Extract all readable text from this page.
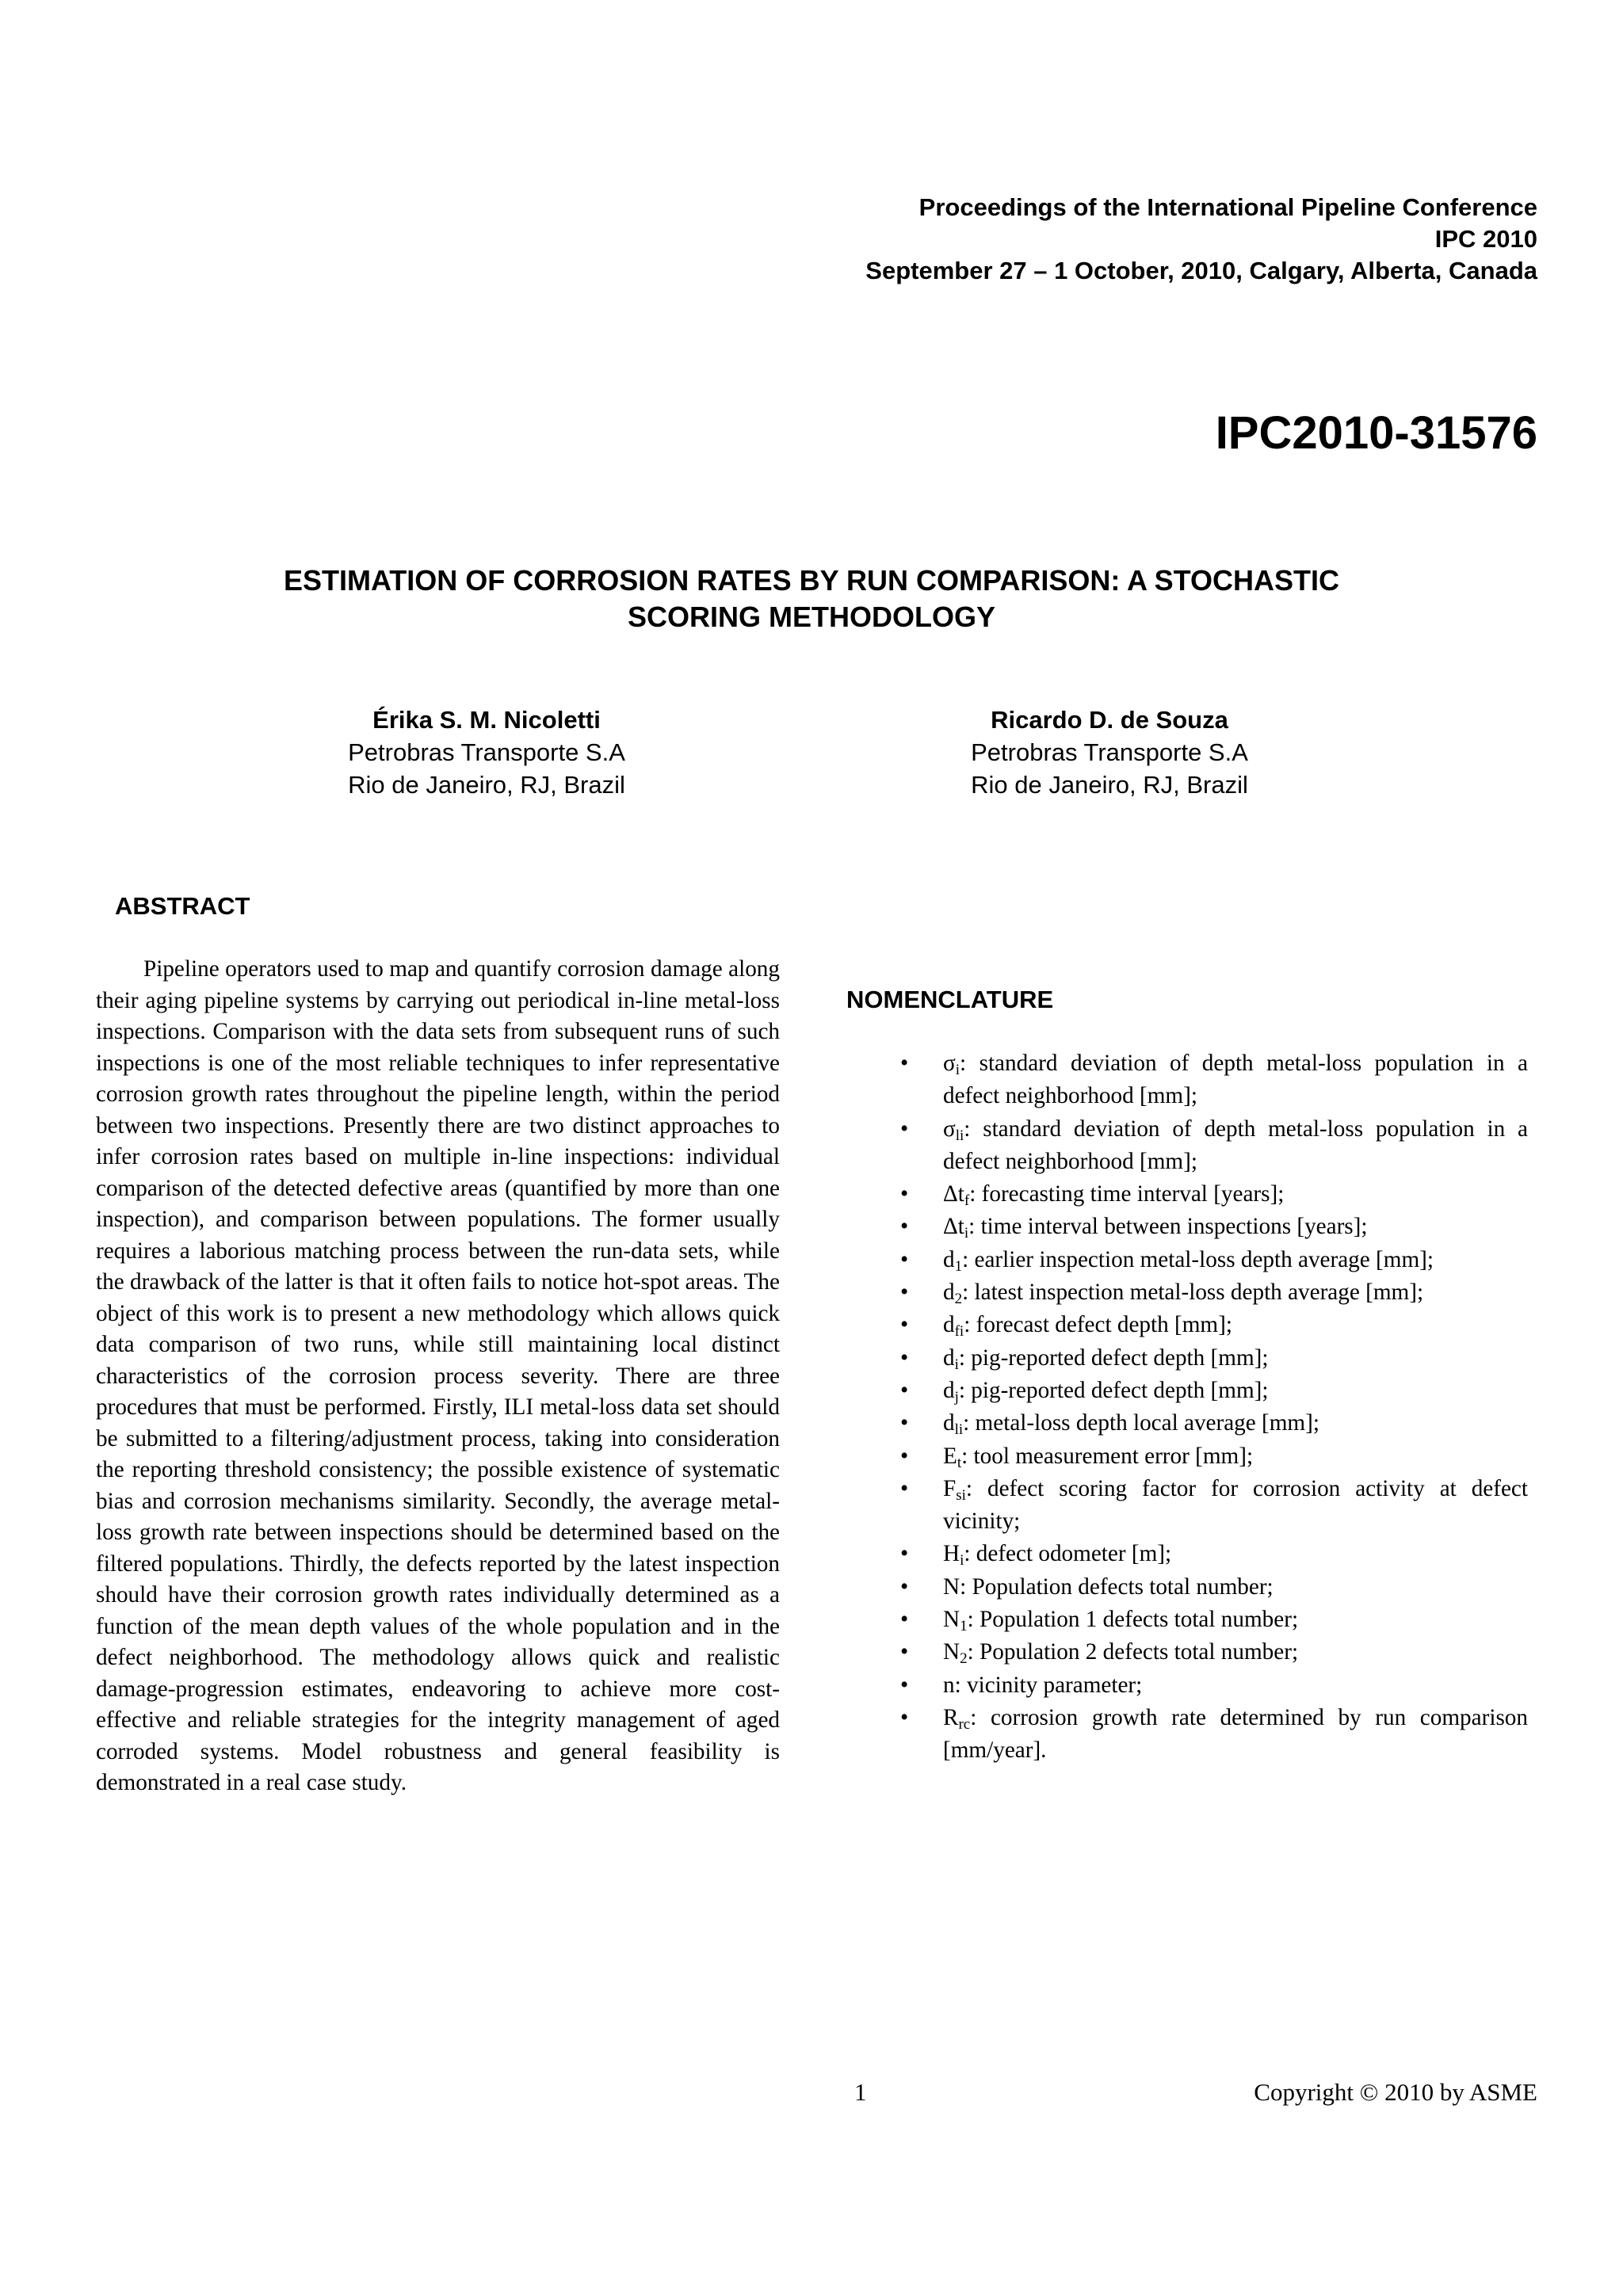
Proceedings of the International Pipeline Conference
IPC 2010
September 27 – 1 October, 2010, Calgary, Alberta, Canada
IPC2010-31576
ESTIMATION OF CORROSION RATES BY RUN COMPARISON: A STOCHASTIC
SCORING METHODOLOGY
Érika S. M. Nicoletti
Petrobras Transporte S.A
Rio de Janeiro, RJ, Brazil
Ricardo D. de Souza
Petrobras Transporte S.A
Rio de Janeiro, RJ, Brazil
ABSTRACT

Pipeline operators used to map and quantify corrosion damage along their aging pipeline systems by carrying out periodical in-line metal-loss inspections. Comparison with the data sets from subsequent runs of such inspections is one of the most reliable techniques to infer representative corrosion growth rates throughout the pipeline length, within the period between two inspections. Presently there are two distinct approaches to infer corrosion rates based on multiple in-line inspections: individual comparison of the detected defective areas (quantified by more than one inspection), and comparison between populations. The former usually requires a laborious matching process between the run-data sets, while the drawback of the latter is that it often fails to notice hot-spot areas. The object of this work is to present a new methodology which allows quick data comparison of two runs, while still maintaining local distinct characteristics of the corrosion process severity. There are three procedures that must be performed. Firstly, ILI metal-loss data set should be submitted to a filtering/adjustment process, taking into consideration the reporting threshold consistency; the possible existence of systematic bias and corrosion mechanisms similarity. Secondly, the average metal-loss growth rate between inspections should be determined based on the filtered populations. Thirdly, the defects reported by the latest inspection should have their corrosion growth rates individually determined as a function of the mean depth values of the whole population and in the defect neighborhood. The methodology allows quick and realistic damage-progression estimates, endeavoring to achieve more cost-effective and reliable strategies for the integrity management of aged corroded systems. Model robustness and general feasibility is demonstrated in a real case study.

NOMENCLATURE
• $\sigma_i$: standard deviation of depth metal-loss population in a defect neighborhood [mm];
• $\sigma_{li}$: standard deviation of depth metal-loss population in a defect neighborhood [mm];
• $\Delta t_f$: forecasting time interval [years];
• $\Delta t_i$: time interval between inspections [years];
• $d_1$: earlier inspection metal-loss depth average [mm];
• $d_2$: latest inspection metal-loss depth average [mm];
• $d_{fi}$: forecast defect depth [mm];
• $d_i$: pig-reported defect depth [mm];
• $d_j$: pig-reported defect depth [mm];
• $d_{li}$: metal-loss depth local average [mm];
• $E_t$: tool measurement error [mm];
• $F_{si}$: defect scoring factor for corrosion activity at defect vicinity;
• $H_i$: defect odometer [m];
• N: Population defects total number;
• $N_1$: Population 1 defects total number;
• $N_2$: Population 2 defects total number;
• n: vicinity parameter;
• $R_{rc}$: corrosion growth rate determined by run comparison [mm/year].
1	Copyright © 2010 by ASME
